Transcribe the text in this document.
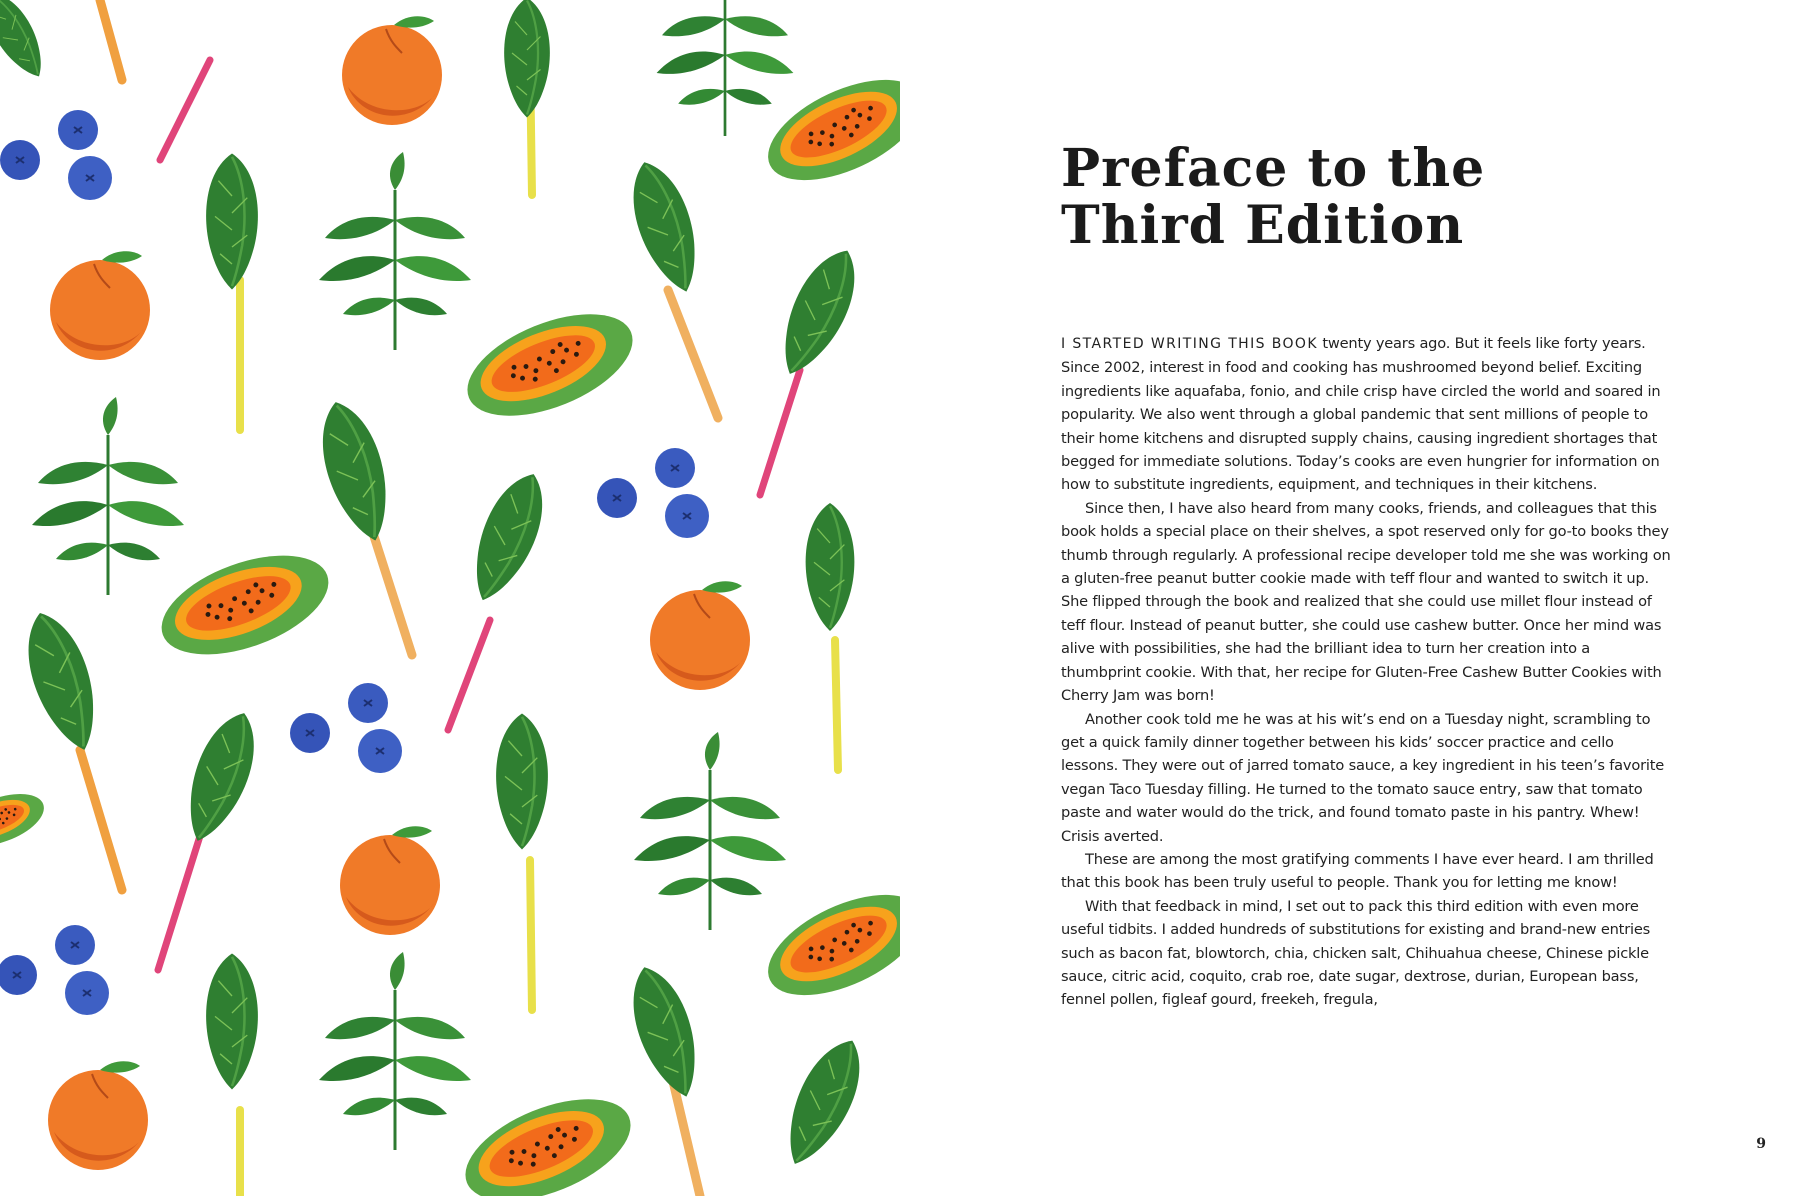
Preface to the
Third Edition

I STARTED WRITING THIS BOOK twenty years ago. But it feels like forty years. Since 2002, interest in food and cooking has mushroomed beyond belief. Exciting ingredients like aquafaba, fonio, and chile crisp have circled the world and soared in popularity. We also went through a global pandemic that sent millions of people to their home kitchens and disrupted supply chains, causing ingredient shortages that begged for immediate solutions. Today’s cooks are even hungrier for information on how to substitute ingredients, equipment, and techniques in their kitchens.

Since then, I have also heard from many cooks, friends, and colleagues that this book holds a special place on their shelves, a spot reserved only for go-to books they thumb through regularly. A professional recipe developer told me she was working on a gluten-free peanut butter cookie made with teff flour and wanted to switch it up. She flipped through the book and realized that she could use millet flour instead of teff flour. Instead of peanut butter, she could use cashew butter. Once her mind was alive with possibilities, she had the brilliant idea to turn her creation into a thumbprint cookie. With that, her recipe for Gluten-Free Cashew Butter Cookies with Cherry Jam was born!

Another cook told me he was at his wit’s end on a Tuesday night, scrambling to get a quick family dinner together between his kids’ soccer practice and cello lessons. They were out of jarred tomato sauce, a key ingredient in his teen’s favorite vegan Taco Tuesday filling. He turned to the tomato sauce entry, saw that tomato paste and water would do the trick, and found tomato paste in his pantry. Whew! Crisis averted.

These are among the most gratifying comments I have ever heard. I am thrilled that this book has been truly useful to people. Thank you for letting me know!

With that feedback in mind, I set out to pack this third edition with even more useful tidbits. I added hundreds of substitutions for existing and brand-new entries such as bacon fat, blowtorch, chia, chicken salt, Chihuahua cheese, Chinese pickle sauce, citric acid, coquito, crab roe, date sugar, dextrose, durian, European bass, fennel pollen, figleaf gourd, freekeh, fregula,

9
